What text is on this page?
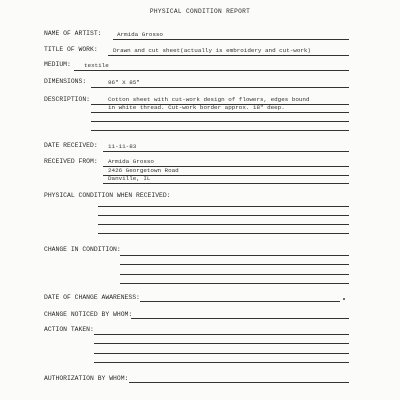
PHYSICAL CONDITION REPORT
NAME OF ARTIST:	Armida Grosso
TITLE OF WORK:	Drawn and cut sheet(actually is embroidery and cut-work)
MEDIUM: textile
DIMENSIONS:	96" X 85"
DESCRIPTION:	Cotton sheet with cut-work design of flowers, edges bound
in white thread. Cut-work border approx. 18" deep.
DATE RECEIVED: 11-11-83
RECEIVED FROM: Armida Grosso
2426 Georgetown Road
Danville, IL
PHYSICAL CONDITION WHEN RECEIVED:
CHANGE IN CONDITION:
DATE OF CHANGE AWARENESS:
CHANGE NOTICED BY WHOM:
ACTION TAKEN:
AUTHORIZATION BY WHOM:
